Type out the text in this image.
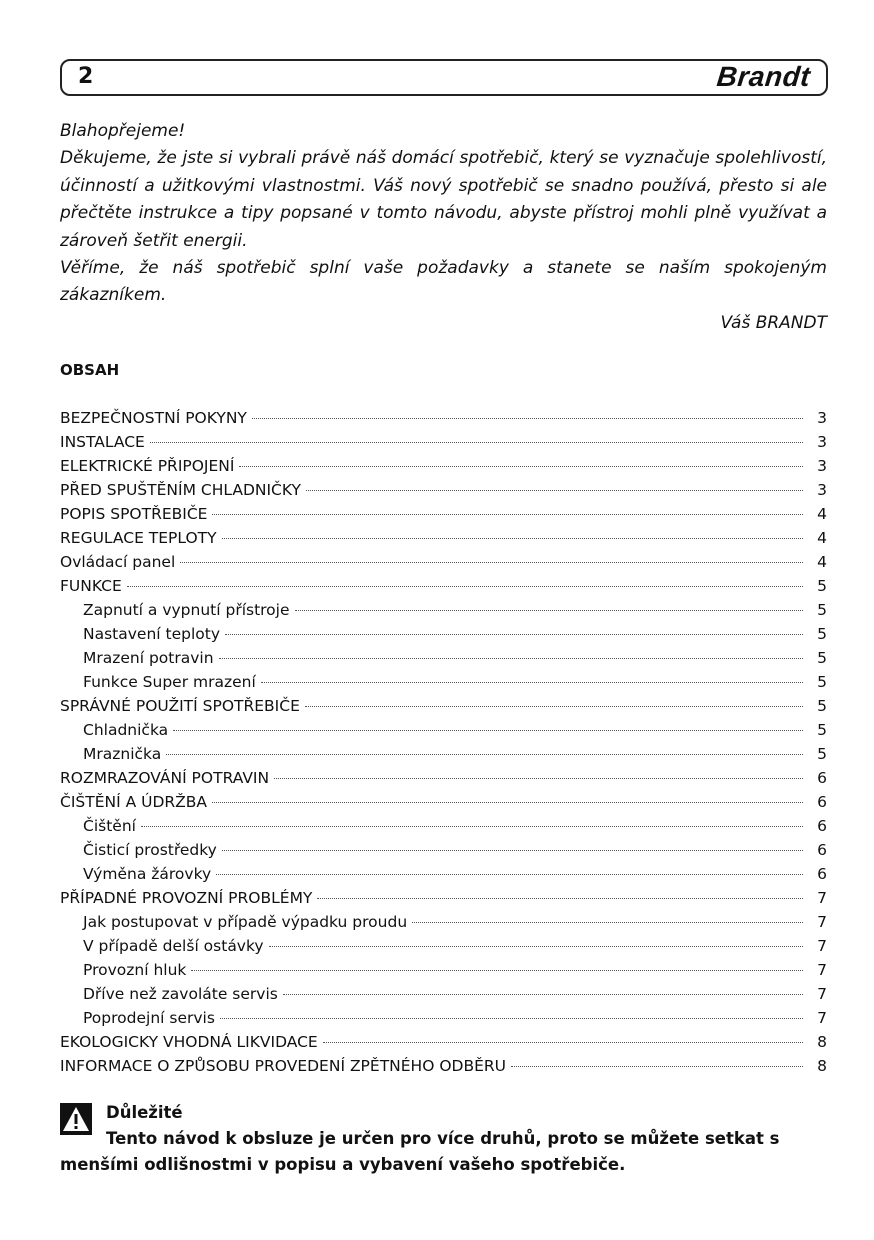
2	Brandt

Blahopřejeme!

Děkujeme, že jste si vybrali právě náš domácí spotřebič, který se vyznačuje spolehlivostí, účinností a užitkovými vlastnostmi. Váš nový spotřebič se snadno používá, přesto si ale přečtěte instrukce a tipy popsané v tomto návodu, abyste přístroj mohli plně využívat a zároveň šetřit energii.

Věříme, že náš spotřebič splní vaše požadavky a stanete se naším spokojeným zákazníkem.

Váš BRANDT

OBSAH
BEZPEČNOSTNÍ POKYNY	3
INSTALACE	3
ELEKTRICKÉ PŘIPOJENÍ	3
PŘED SPUŠTĚNÍM CHLADNIČKY	3
POPIS SPOTŘEBIČE	4
REGULACE TEPLOTY	4
Ovládací panel	4
FUNKCE	5
Zapnutí a vypnutí přístroje	5
Nastavení teploty	5
Mrazení potravin	5
Funkce Super mrazení	5
SPRÁVNÉ POUŽITÍ SPOTŘEBIČE	5
Chladnička	5
Mraznička	5
ROZMRAZOVÁNÍ POTRAVIN	6
ČIŠTĚNÍ A ÚDRŽBA	6
Čištění	6
Čisticí prostředky	6
Výměna žárovky	6
PŘÍPADNÉ PROVOZNÍ PROBLÉMY	7
Jak postupovat v případě výpadku proudu	7
V případě delší ostávky	7
Provozní hluk	7
Dříve než zavoláte servis	7
Poprodejní servis	7
EKOLOGICKY VHODNÁ LIKVIDACE	8
INFORMACE O ZPŮSOBU PROVEDENÍ ZPĚTNÉHO ODBĚRU	8
Důležité

Tento návod k obsluze je určen pro více druhů, proto se můžete setkat s menšími odlišnostmi v popisu a vybavení vašeho spotřebiče.
